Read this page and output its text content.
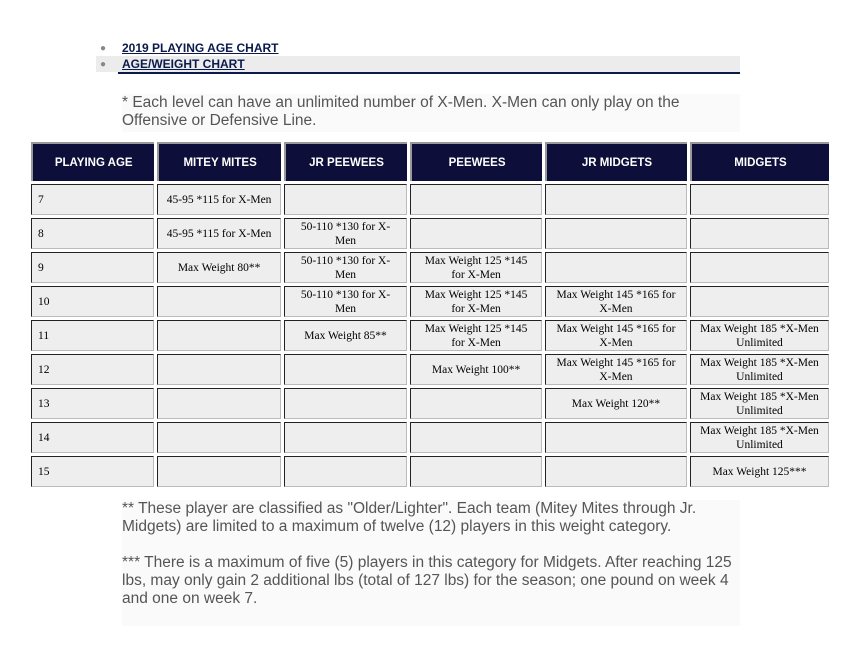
●	2019 PLAYING AGE CHART
●	AGE/WEIGHT CHART
* Each level can have an unlimited number of X-Men. X-Men can only play on the Offensive or Defensive Line.
PLAYING AGE	MITEY MITES	JR PEEWEES	PEEWEES	JR MIDGETS	MIDGETS
7	45-95 *115 for X-Men				
8	45-95 *115 for X-Men	50-110 *130 for X-Men			
9	Max Weight 80**	50-110 *130 for X-Men	Max Weight 125 *145 for X-Men		
10		50-110 *130 for X-Men	Max Weight 125 *145 for X-Men	Max Weight 145 *165 for X-Men	
11		Max Weight 85**	Max Weight 125 *145 for X-Men	Max Weight 145 *165 for X-Men	Max Weight 185 *X-Men Unlimited
12			Max Weight 100**	Max Weight 145 *165 for X-Men	Max Weight 185 *X-Men Unlimited
13				Max Weight 120**	Max Weight 185 *X-Men Unlimited
14					Max Weight 185 *X-Men Unlimited
15					Max Weight 125***

** These player are classified as "Older/Lighter". Each team (Mitey Mites through Jr. Midgets) are limited to a maximum of twelve (12) players in this weight category.

*** There is a maximum of five (5) players in this category for Midgets. After reaching 125 lbs, may only gain 2 additional lbs (total of 127 lbs) for the season; one pound on week 4 and one on week 7.
